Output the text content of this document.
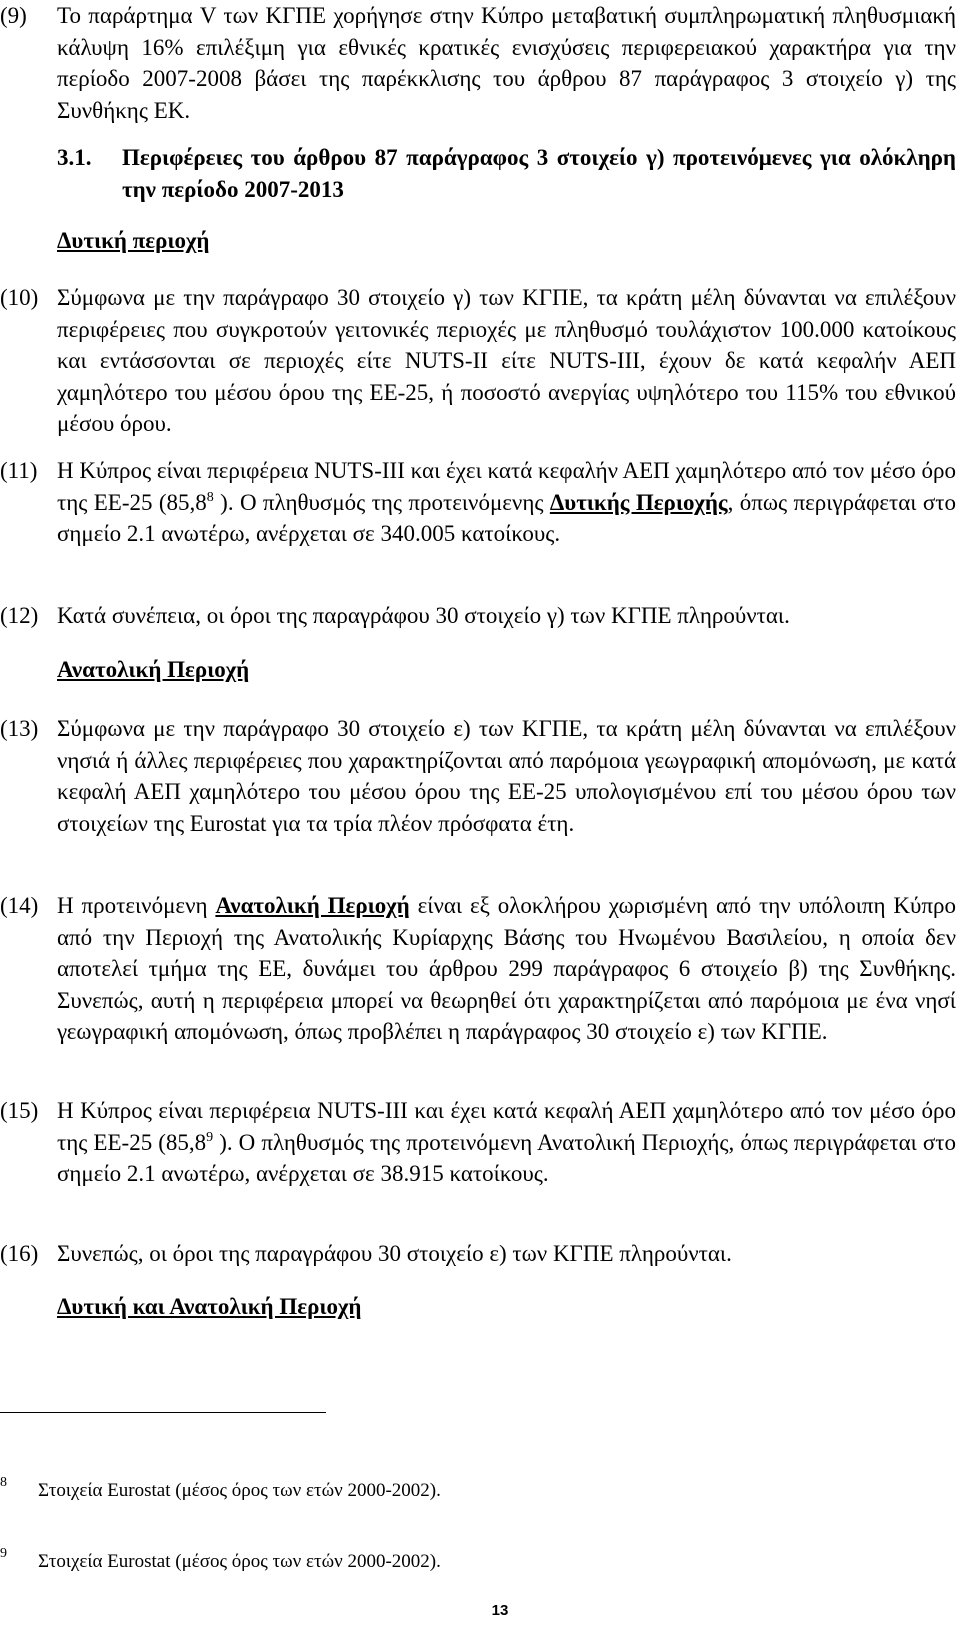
(9) Το παράρτημα V των ΚΓΠΕ χορήγησε στην Κύπρο μεταβατική συμπληρωματική πληθυσμιακή κάλυψη 16% επιλέξιμη για εθνικές κρατικές ενισχύσεις περιφερειακού χαρακτήρα για την περίοδο 2007-2008 βάσει της παρέκκλισης του άρθρου 87 παράγραφος 3 στοιχείο γ) της Συνθήκης ΕΚ.
3.1. Περιφέρειες του άρθρου 87 παράγραφος 3 στοιχείο γ) προτεινόμενες για ολόκληρη την περίοδο 2007-2013
Δυτική περιοχή
(10) Σύμφωνα με την παράγραφο 30 στοιχείο γ) των ΚΓΠΕ, τα κράτη μέλη δύνανται να επιλέξουν περιφέρειες που συγκροτούν γειτονικές περιοχές με πληθυσμό τουλάχιστον 100.000 κατοίκους και εντάσσονται σε περιοχές είτε NUTS-II είτε NUTS-III, έχουν δε κατά κεφαλήν ΑΕΠ χαμηλότερο του μέσου όρου της ΕΕ-25, ή ποσοστό ανεργίας υψηλότερο του 115% του εθνικού μέσου όρου.
(11) Η Κύπρος είναι περιφέρεια NUTS-III και έχει κατά κεφαλήν ΑΕΠ χαμηλότερο από τον μέσο όρο της ΕΕ-25 (85,8$^8$ ). Ο πληθυσμός της προτεινόμενης Δυτικής Περιοχής, όπως περιγράφεται στο σημείο 2.1 ανωτέρω, ανέρχεται σε 340.005 κατοίκους.
(12) Κατά συνέπεια, οι όροι της παραγράφου 30 στοιχείο γ) των ΚΓΠΕ πληρούνται.
Ανατολική Περιοχή
(13) Σύμφωνα με την παράγραφο 30 στοιχείο ε) των ΚΓΠΕ, τα κράτη μέλη δύνανται να επιλέξουν νησιά ή άλλες περιφέρειες που χαρακτηρίζονται από παρόμοια γεωγραφική απομόνωση, με κατά κεφαλή ΑΕΠ χαμηλότερο του μέσου όρου της ΕΕ-25 υπολογισμένου επί του μέσου όρου των στοιχείων της Eurostat για τα τρία πλέον πρόσφατα έτη.
(14) Η προτεινόμενη Ανατολική Περιοχή είναι εξ ολοκλήρου χωρισμένη από την υπόλοιπη Κύπρο από την Περιοχή της Ανατολικής Κυρίαρχης Βάσης του Ηνωμένου Βασιλείου, η οποία δεν αποτελεί τμήμα της ΕΕ, δυνάμει του άρθρου 299 παράγραφος 6 στοιχείο β) της Συνθήκης. Συνεπώς, αυτή η περιφέρεια μπορεί να θεωρηθεί ότι χαρακτηρίζεται από παρόμοια με ένα νησί γεωγραφική απομόνωση, όπως προβλέπει η παράγραφος 30 στοιχείο ε) των ΚΓΠΕ.
(15) Η Κύπρος είναι περιφέρεια NUTS-III και έχει κατά κεφαλή ΑΕΠ χαμηλότερο από τον μέσο όρο της ΕΕ-25 (85,8$^9$ ). Ο πληθυσμός της προτεινόμενη Ανατολική Περιοχής, όπως περιγράφεται στο σημείο 2.1 ανωτέρω, ανέρχεται σε 38.915 κατοίκους.
(16) Συνεπώς, οι όροι της παραγράφου 30 στοιχείο ε) των ΚΓΠΕ πληρούνται.
Δυτική και Ανατολική Περιοχή
8 Στοιχεία Eurostat (μέσος όρος των ετών 2000-2002).
9 Στοιχεία Eurostat (μέσος όρος των ετών 2000-2002).
13
